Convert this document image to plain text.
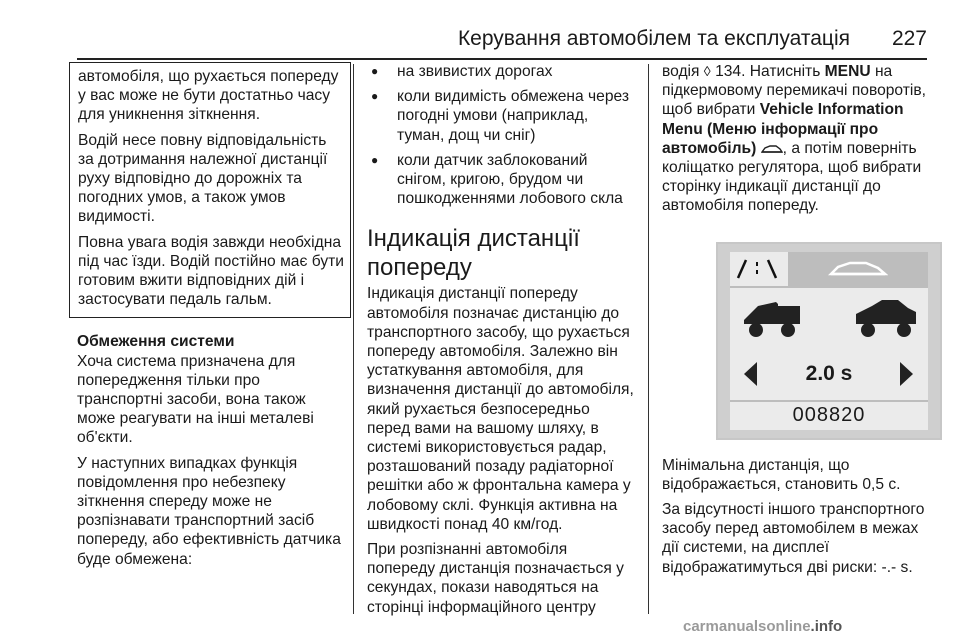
Керування автомобілем та експлуатація 227

автомобіля, що рухається попереду у вас може не бути достатньо часу для уникнення зіткнення.

Водій несе повну відповідальність за дотримання належної дистанції руху відповідно до дорожніх та погодних умов, а також умов видимості.

Повна увага водія завжди необхідна під час їзди. Водій постійно має бути готовим вжити відповідних дій і застосувати педаль гальм.

Обмеження системи

Хоча система призначена для попередження тільки про транспортні засоби, вона також може реагувати на інші металеві об'єкти.

У наступних випадках функція повідомлення про небезпеку зіткнення спереду може не розпізнавати транспортний засіб попереду, або ефективність датчика буде обмежена:

● на звивистих дорогах
● коли видимість обмежена через погодні умови (наприклад, туман, дощ чи сніг)
● коли датчик заблокований снігом, кригою, брудом чи пошкодженнями лобового скла
Індикація дистанції попереду

Індикація дистанції попереду автомобіля позначає дистанцію до транспортного засобу, що рухається попереду автомобіля. Залежно він устаткування автомобіля, для визначення дистанції до автомобіля, який рухається безпосередньо перед вами на вашому шляху, в системі використовується радар, розташований позаду радіаторної решітки або ж фронтальна камера у лобовому склі. Функція активна на швидкості понад 40 км/год.

При розпізнанні автомобіля попереду дистанція позначається у секундах, покази наводяться на сторінці інформаційного центру

водія ◊ 134. Натисніть MENU на підкермовому перемикачі поворотів, щоб вибрати Vehicle Information Menu (Меню інформації про автомобіль) , а потім поверніть коліщатко регулятора, щоб вибрати сторінку індикації дистанції до автомобіля попереду.

2.0 s
008820

Мінімальна дистанція, що відображається, становить 0,5 с.

За відсутності іншого транспортного засобу перед автомобілем в межах дії системи, на дисплеї відображатимуться дві риски: -.- s.

carmanualsonline.info
